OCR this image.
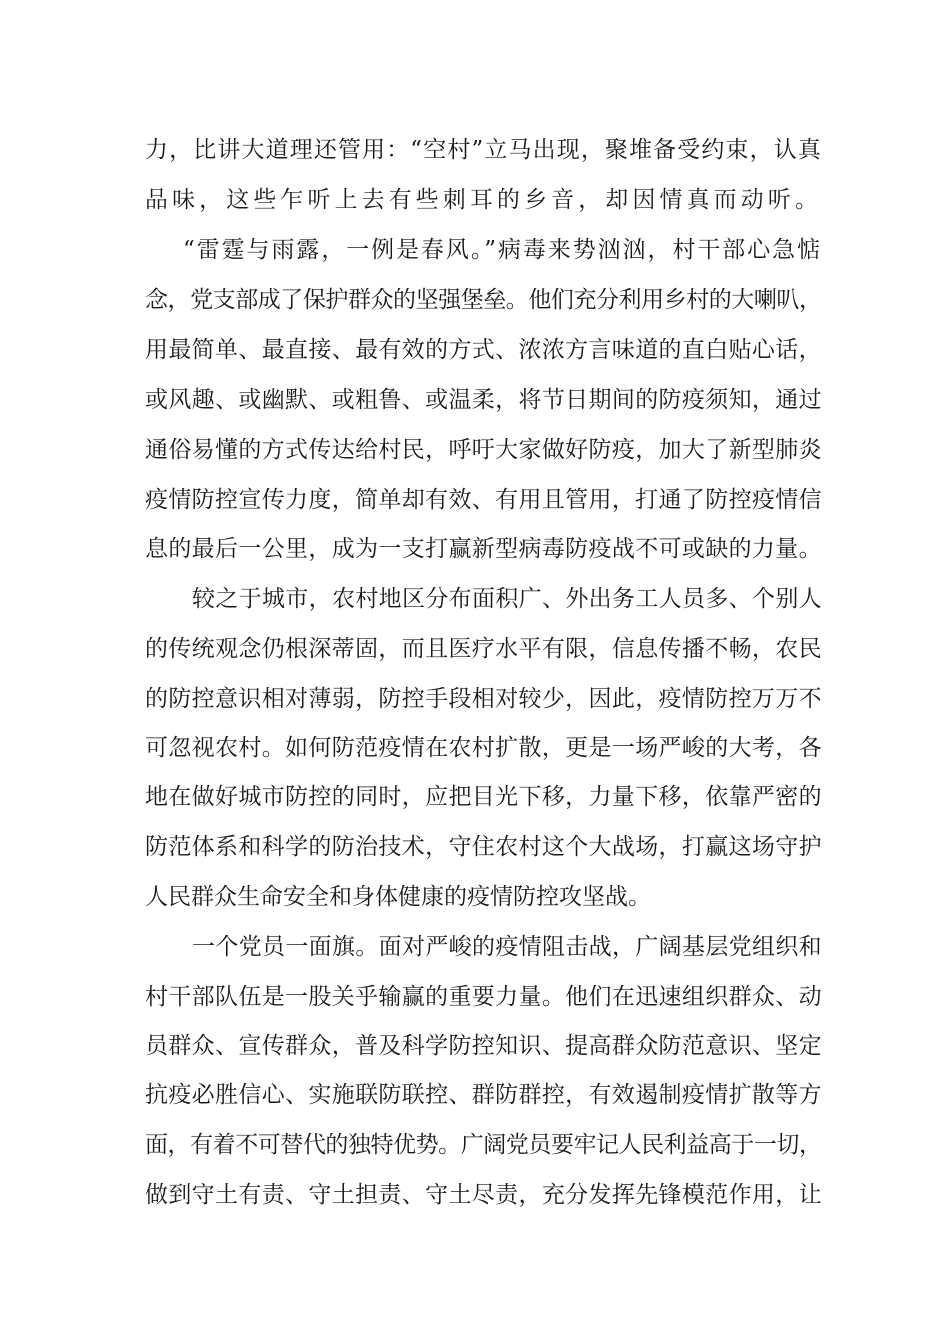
力，比讲大道理还管用：“空村”立马出现，聚堆备受约束，认真
品味，这些乍听上去有些刺耳的乡音，却因情真而动听。
“雷霆与雨露，一例是春风。”病毒来势汹汹，村干部心急惦
念，党支部成了保护群众的坚强堡垒。他们充分利用乡村的大喇叭，
用最简单、最直接、最有效的方式、浓浓方言味道的直白贴心话，
或风趣、或幽默、或粗鲁、或温柔，将节日期间的防疫须知，通过
通俗易懂的方式传达给村民，呼吁大家做好防疫，加大了新型肺炎
疫情防控宣传力度，简单却有效、有用且管用，打通了防控疫情信
息的最后一公里，成为一支打赢新型病毒防疫战不可或缺的力量。
较之于城市，农村地区分布面积广、外出务工人员多、个别人
的传统观念仍根深蒂固，而且医疗水平有限，信息传播不畅，农民
的防控意识相对薄弱，防控手段相对较少，因此，疫情防控万万不
可忽视农村。如何防范疫情在农村扩散，更是一场严峻的大考，各
地在做好城市防控的同时，应把目光下移，力量下移，依靠严密的
防范体系和科学的防治技术，守住农村这个大战场，打赢这场守护
人民群众生命安全和身体健康的疫情防控攻坚战。
一个党员一面旗。面对严峻的疫情阻击战，广阔基层党组织和
村干部队伍是一股关乎输赢的重要力量。他们在迅速组织群众、动
员群众、宣传群众，普及科学防控知识、提高群众防范意识、坚定
抗疫必胜信心、实施联防联控、群防群控，有效遏制疫情扩散等方
面，有着不可替代的独特优势。广阔党员要牢记人民利益高于一切，
做到守土有责、守土担责、守土尽责，充分发挥先锋模范作用，让
